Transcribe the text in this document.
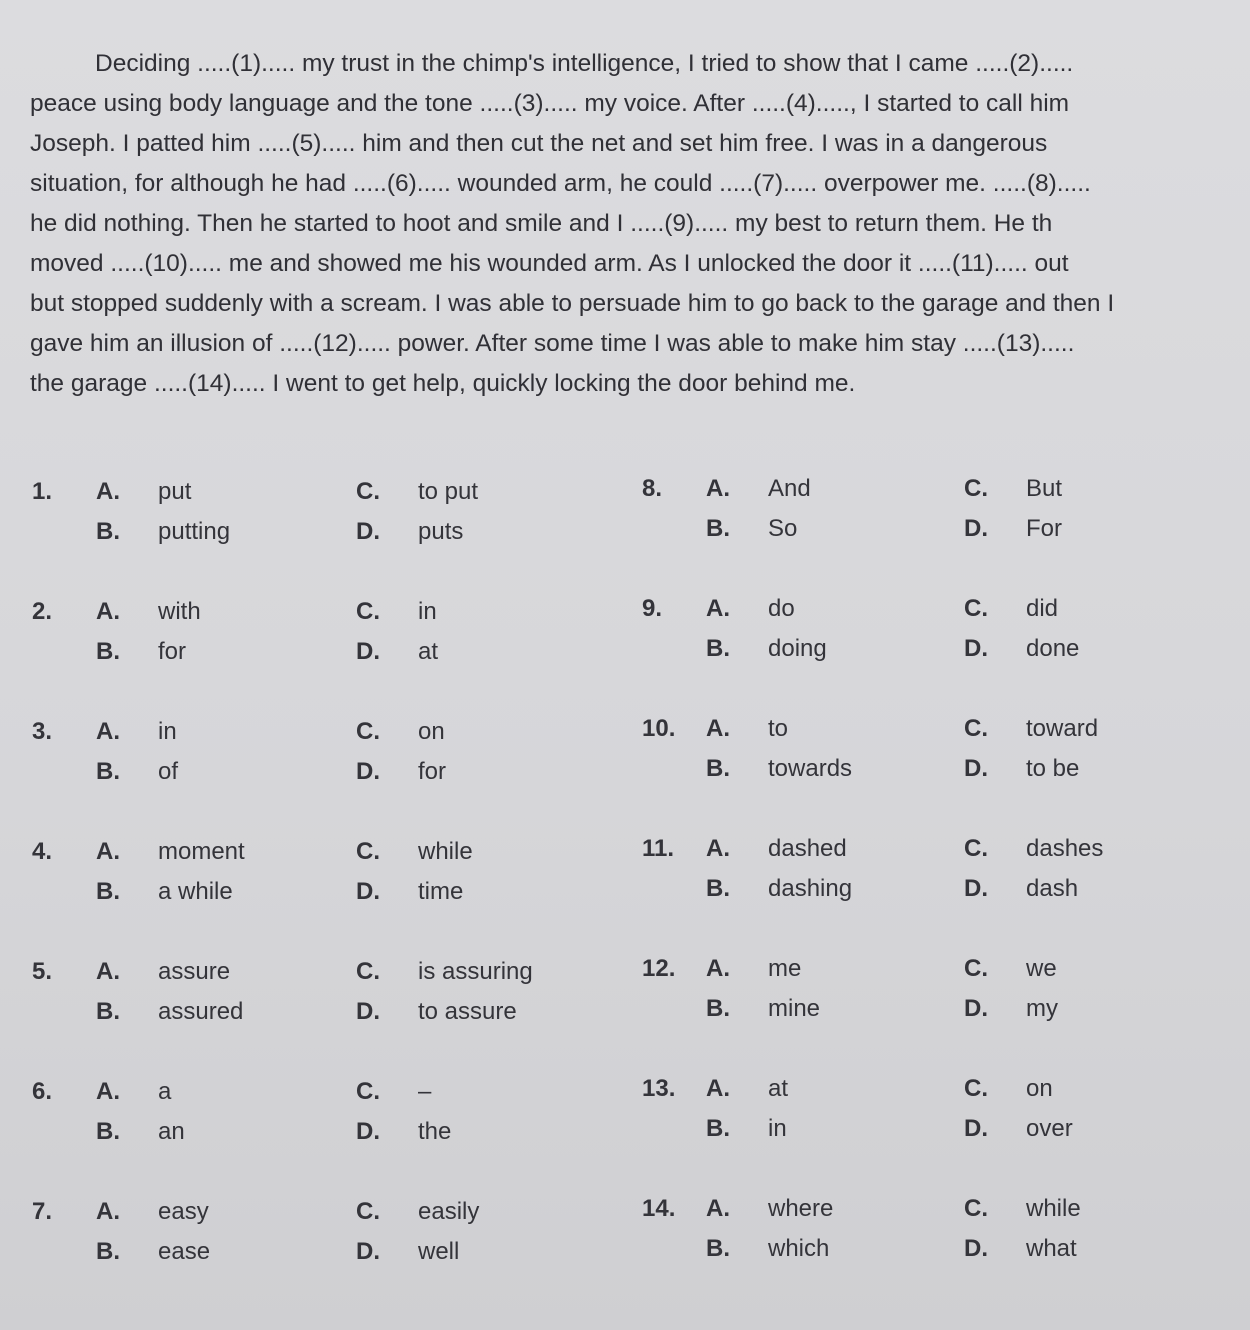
Deciding .....(1)..... my trust in the chimp's intelligence, I tried to show that I came .....(2).....
peace using body language and the tone .....(3)..... my voice. After .....(4)....., I started to call him
Joseph. I patted him .....(5)..... him and then cut the net and set him free. I was in a dangerous
situation, for although he had .....(6)..... wounded arm, he could .....(7)..... overpower me. .....(8).....
he did nothing. Then he started to hoot and smile and I .....(9)..... my best to return them. He th
moved .....(10)..... me and showed me his wounded arm. As I unlocked the door it .....(11)..... out
but stopped suddenly with a scream. I was able to persuade him to go back to the garage and then I
gave him an illusion of .....(12)..... power. After some time I was able to make him stay .....(13).....
the garage .....(14)..... I went to get help, quickly locking the door behind me.
1. A. put
B. putting
C. to put
D. puts
2. A. with
B. for
C. in
D. at
3. A. in
B. of
C. on
D. for
4. A. moment
B. a while
C. while
D. time
5. A. assure
B. assured
C. is assuring
D. to assure
6. A. a
B. an
C. –
D. the
7. A. easy
B. ease
C. easily
D. well
8. A. And
B. So
C. But
D. For
9. A. do
B. doing
C. did
D. done
10. A. to
B. towards
C. toward
D. to be
11. A. dashed
B. dashing
C. dashes
D. dash
12. A. me
B. mine
C. we
D. my
13. A. at
B. in
C. on
D. over
14. A. where
B. which
C. while
D. what
